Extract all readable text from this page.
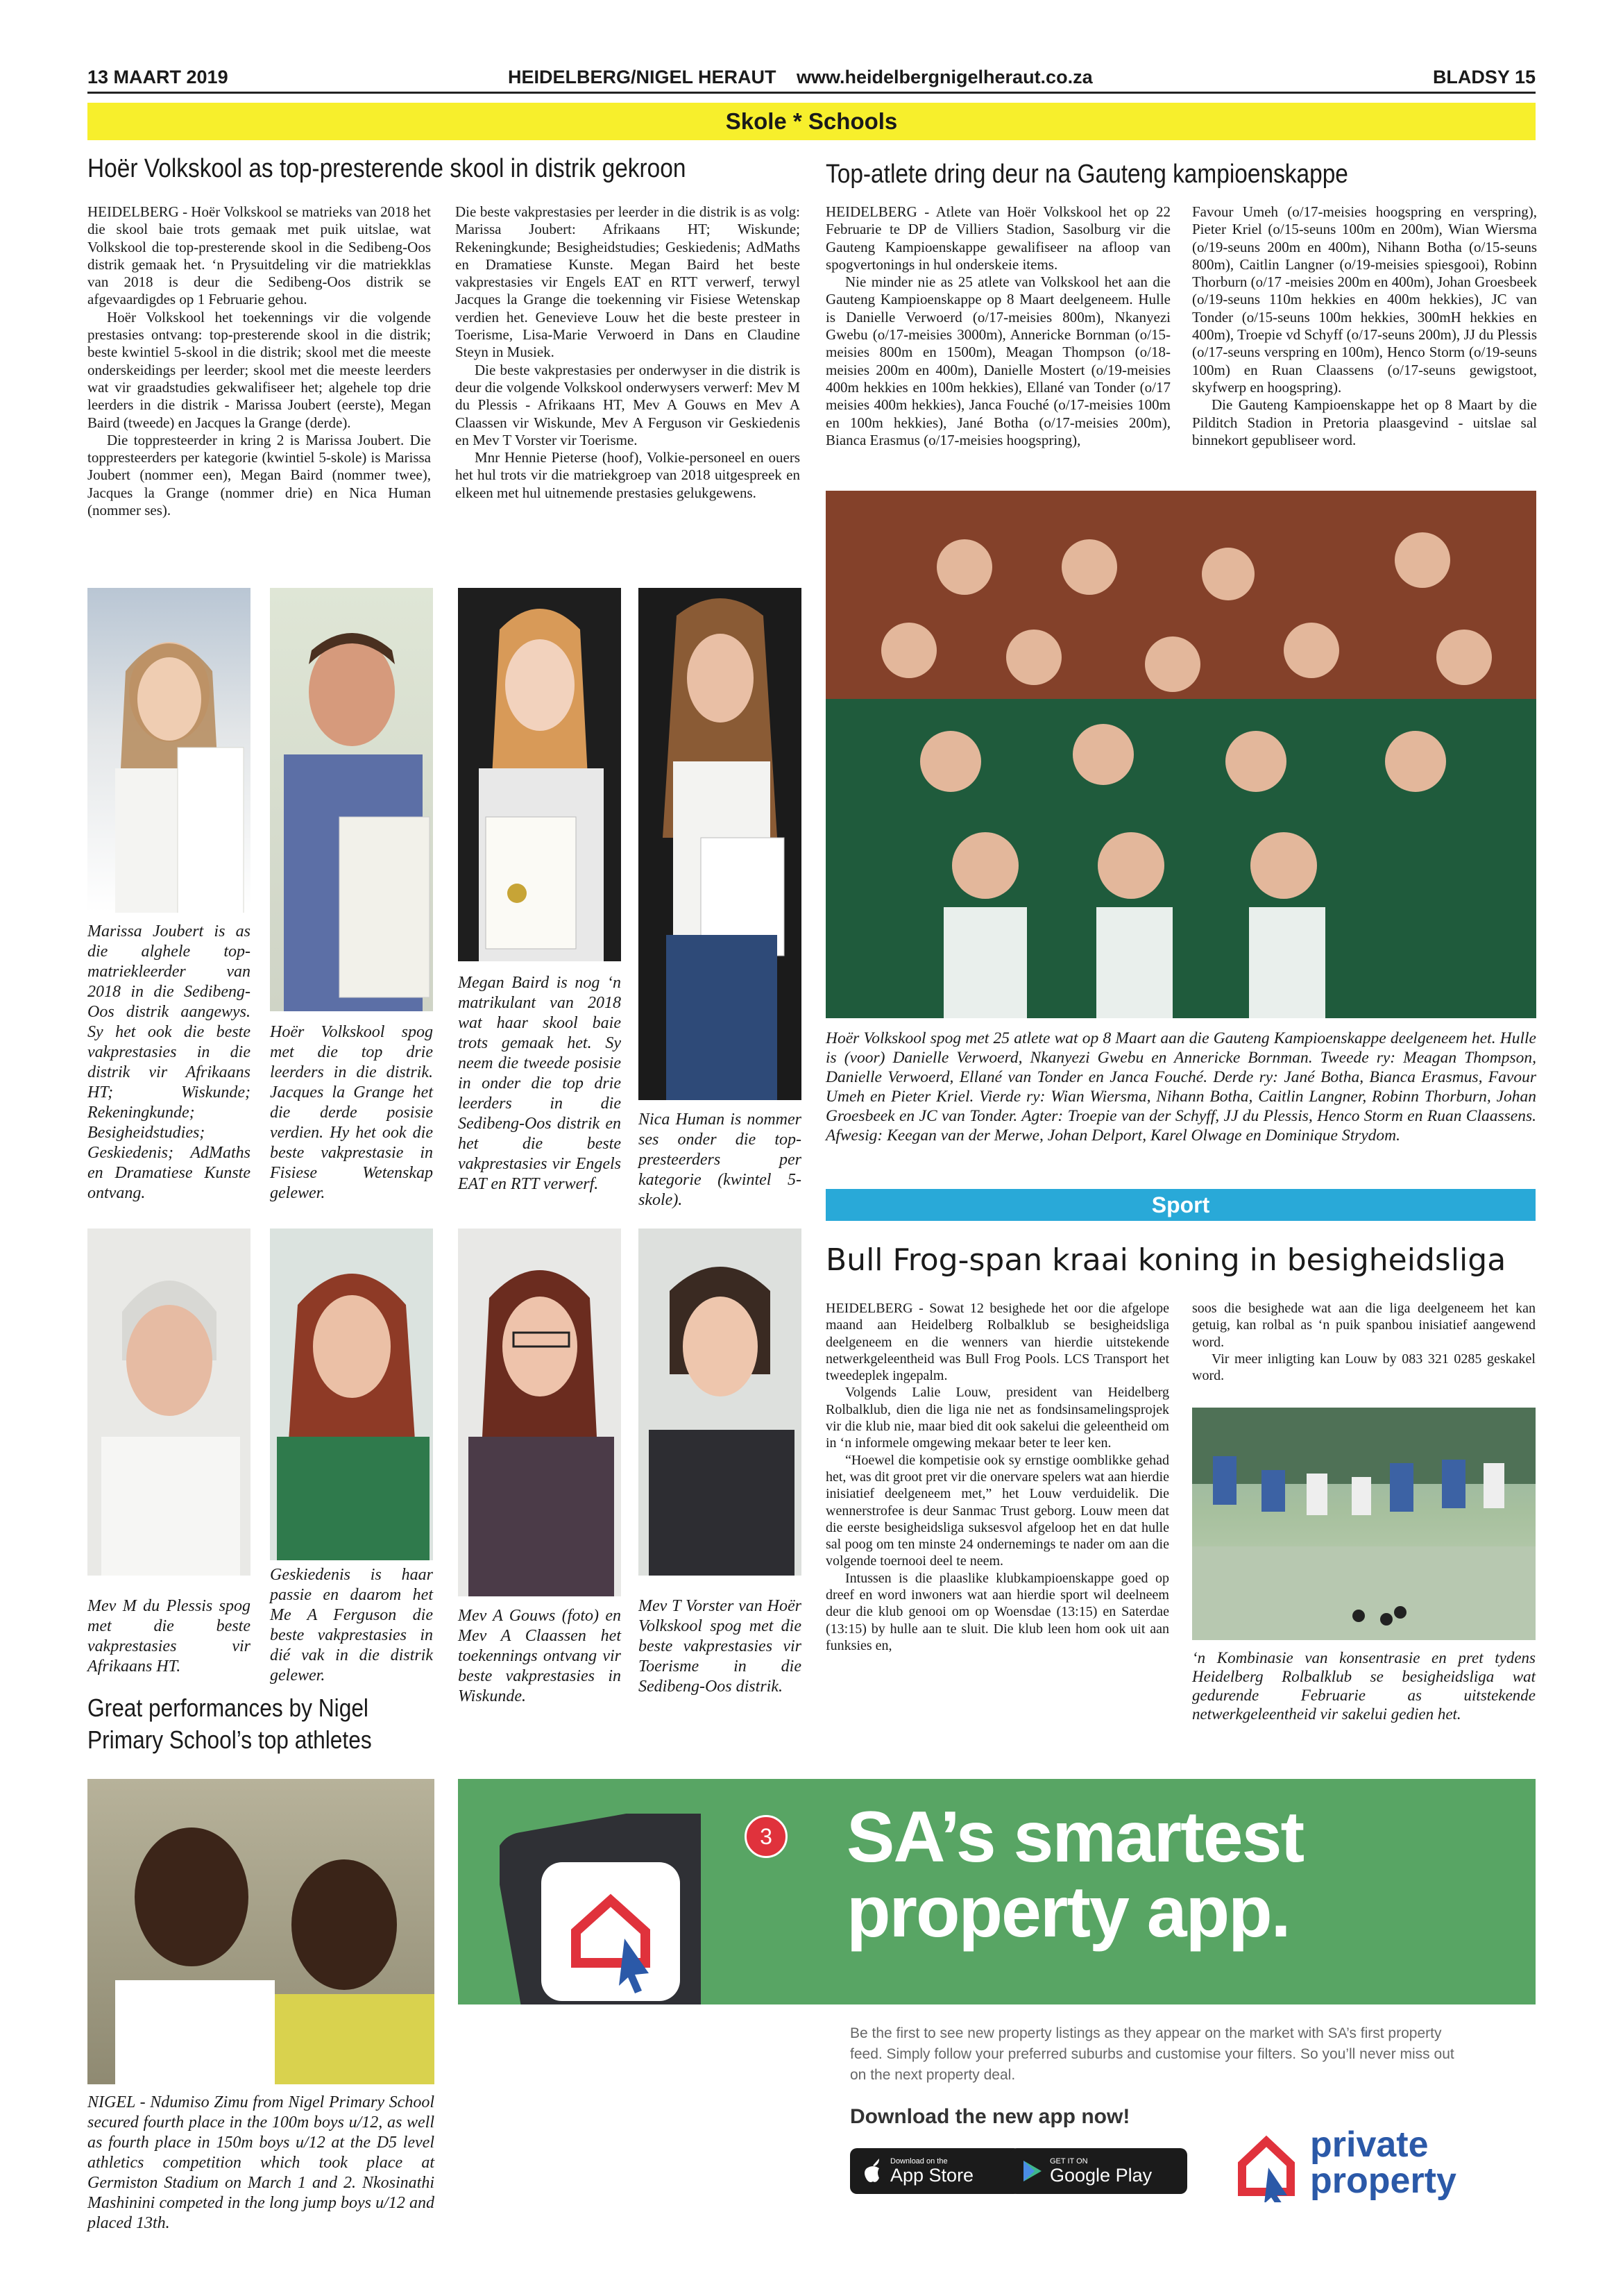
13 MAART 2019	HEIDELBERG/NIGEL HERAUT www.heidelbergnigelheraut.co.za	BLADSY 15
Skole * Schools
Hoër Volkskool as top-presterende skool in distrik gekroon

HEIDELBERG - Hoër Volkskool se matrieks van 2018 het die skool baie trots gemaak met puik uitslae, wat Volkskool die top-presterende skool in die Sedibeng-Oos distrik gemaak het. ‘n Prysuitdeling vir die matriekklas van 2018 is deur die Sedibeng-Oos distrik se afgevaardigdes op 1 Februarie gehou.

Hoër Volkskool het toekennings vir die volgende prestasies ontvang: top-presterende skool in die distrik; beste kwintiel 5-skool in die distrik; skool met die meeste onderskeidings per leerder; skool met die meeste leerders wat vir graadstudies gekwalifiseer het; algehele top drie leerders in die distrik - Marissa Joubert (eerste), Megan Baird (tweede) en Jacques la Grange (derde).

Die toppresteerder in kring 2 is Marissa Joubert. Die toppresteerders per kategorie (kwintiel 5-skole) is Marissa Joubert (nommer een), Megan Baird (nommer twee), Jacques la Grange (nommer drie) en Nica Human (nommer ses).

Die beste vakprestasies per leerder in die distrik is as volg: Marissa Joubert: Afrikaans HT; Wiskunde; Rekeningkunde; Besigheidstudies; Geskiedenis; AdMaths en Dramatiese Kunste. Megan Baird het beste vakprestasies vir Engels EAT en RTT verwerf, terwyl Jacques la Grange die toekenning vir Fisiese Wetenskap verdien het. Genevieve Louw het die beste presteer in Toerisme, Lisa-Marie Verwoerd in Dans en Claudine Steyn in Musiek.

Die beste vakprestasies per onderwyser in die distrik is deur die volgende Volkskool onderwysers verwerf: Mev M du Plessis - Afrikaans HT, Mev A Gouws en Mev A Claassen vir Wiskunde, Mev A Ferguson vir Geskiedenis en Mev T Vorster vir Toerisme.

Mnr Hennie Pieterse (hoof), Volkie-personeel en ouers het hul trots vir die matriekgroep van 2018 uitgespreek en elkeen met hul uitnemende prestasies gelukgewens.

Marissa Joubert is as die alghele top-matriekleerder van 2018 in die Sedibeng-Oos distrik aangewys. Sy het ook die beste vakprestasies in die distrik vir Afrikaans HT; Wiskunde; Rekeningkunde; Besigheidstudies; Geskiedenis; AdMaths en Dramatiese Kunste ontvang.
Hoër Volkskool spog met die top drie leerders in die distrik. Jacques la Grange het die derde posisie verdien. Hy het ook die beste vakprestasie in Fisiese Wetenskap gelewer.
Megan Baird is nog ‘n matrikulant van 2018 wat haar skool baie trots gemaak het. Sy neem die tweede posisie in onder die top drie leerders in die Sedibeng-Oos distrik en het die beste vakprestasies vir Engels EAT en RTT verwerf.
Nica Human is nommer ses onder die top-presteerders per kategorie (kwintel 5-skole).
Mev M du Plessis spog met die beste vakprestasies vir Afrikaans HT.
Geskiedenis is haar passie en daarom het Me A Ferguson die beste vakprestasies in dié vak in die distrik gelewer.
Mev A Gouws (foto) en Mev A Claassen het toekennings ontvang vir beste vakprestasies in Wiskunde.
Mev T Vorster van Hoër Volkskool spog met die beste vakprestasies vir Toerisme in die Sedibeng-Oos distrik.
Great performances by Nigel
Primary School’s top athletes
NIGEL - Ndumiso Zimu from Nigel Primary School secured fourth place in the 100m boys u/12, as well as fourth place in 150m boys u/12 at the D5 level athletics competition which took place at Germiston Stadium on March 1 and 2. Nkosinathi Mashinini competed in the long jump boys u/12 and placed 13th.
Top-atlete dring deur na Gauteng kampioenskappe

HEIDELBERG - Atlete van Hoër Volkskool het op 22 Februarie te DP de Villiers Stadion, Sasolburg vir die Gauteng Kampioenskappe gewalifiseer na afloop van spogvertonings in hul onderskeie items.

Nie minder nie as 25 atlete van Volkskool het aan die Gauteng Kampioenskappe op 8 Maart deelgeneem. Hulle is Danielle Verwoerd (o/17-meisies 800m), Nkanyezi Gwebu (o/17-meisies 3000m), Annericke Bornman (o/15-meisies 800m en 1500m), Meagan Thompson (o/18-meisies 200m en 400m), Danielle Mostert (o/19-meisies 400m hekkies en 100m hekkies), Ellané van Tonder (o/17 meisies 400m hekkies), Janca Fouché (o/17-meisies 100m en 100m hekkies), Jané Botha (o/17-meisies 200m), Bianca Erasmus (o/17-meisies hoogspring),

Favour Umeh (o/17-meisies hoogspring en verspring), Pieter Kriel (o/15-seuns 100m en 200m), Wian Wiersma (o/19-seuns 200m en 400m), Nihann Botha (o/15-seuns 800m), Caitlin Langner (o/19-meisies spiesgooi), Robinn Thorburn (o/17 -meisies 200m en 400m), Johan Groesbeek (o/19-seuns 110m hekkies en 400m hekkies), JC van Tonder (o/15-seuns 100m hekkies, 300mH hekkies en 400m), Troepie vd Schyff (o/17-seuns 200m), JJ du Plessis (o/17-seuns verspring en 100m), Henco Storm (o/19-seuns 100m) en Ruan Claassens (o/17-seuns gewigstoot, skyfwerp en hoogspring).

Die Gauteng Kampioenskappe het op 8 Maart by die Pilditch Stadion in Pretoria plaasgevind - uitslae sal binnekort gepubliseer word.

Hoër Volkskool spog met 25 atlete wat op 8 Maart aan die Gauteng Kampioenskappe deelgeneem het. Hulle is (voor) Danielle Verwoerd, Nkanyezi Gwebu en Annericke Bornman. Tweede ry: Meagan Thompson, Danielle Verwoerd, Ellané van Tonder en Janca Fouché. Derde ry: Jané Botha, Bianca Erasmus, Favour Umeh en Pieter Kriel. Vierde ry: Wian Wiersma, Nihann Botha, Caitlin Langner, Robinn Thorburn, Johan Groesbeek en JC van Tonder. Agter: Troepie van der Schyff, JJ du Plessis, Henco Storm en Ruan Claassens. Afwesig: Keegan van der Merwe, Johan Delport, Karel Olwage en Dominique Strydom.
Sport
Bull Frog-span kraai koning in besigheidsliga

HEIDELBERG - Sowat 12 besighede het oor die afgelope maand aan Heidelberg Rolbalklub se besigheidsliga deelgeneem en die wenners van hierdie uitstekende netwerkgeleentheid was Bull Frog Pools. LCS Transport het tweedeplek ingepalm.

Volgends Lalie Louw, president van Heidelberg Rolbalklub, dien die liga nie net as fondsinsamelingsprojek vir die klub nie, maar bied dit ook sakelui die geleentheid om in ‘n informele omgewing mekaar beter te leer ken.

“Hoewel die kompetisie ook sy ernstige oomblikke gehad het, was dit groot pret vir die onervare spelers wat aan hierdie inisiatief deelgeneem met,” het Louw verduidelik. Die wennerstrofee is deur Sanmac Trust geborg. Louw meen dat die eerste besigheidsliga suksesvol afgeloop het en dat hulle sal poog om ten minste 24 ondernemings te nader om aan die volgende toernooi deel te neem.

Intussen is die plaaslike klubkampioenskappe goed op dreef en word inwoners wat aan hierdie sport wil deelneem deur die klub genooi om op Woensdae (13:15) en Saterdae (13:15) by hulle aan te sluit. Die klub leen hom ook uit aan funksies en,

soos die besighede wat aan die liga deelgeneem het kan getuig, kan rolbal as ‘n puik spanbou inisiatief aangewend word.

Vir meer inligting kan Louw by 083 321 0285 geskakel word.

‘n Kombinasie van konsentrasie en pret tydens Heidelberg Rolbalklub se besigheidsliga wat gedurende Februarie as uitstekende netwerkgeleentheid vir sakelui gedien het.
3 SA’s smartest
property app.
Be the first to see new property listings as they appear on the market with SA’s first property feed. Simply follow your preferred suburbs and customise your filters. So you’ll never miss out on the next property deal.
Download the new app now!
Download on the
App Store
GET IT ON
Google Play
private
property
